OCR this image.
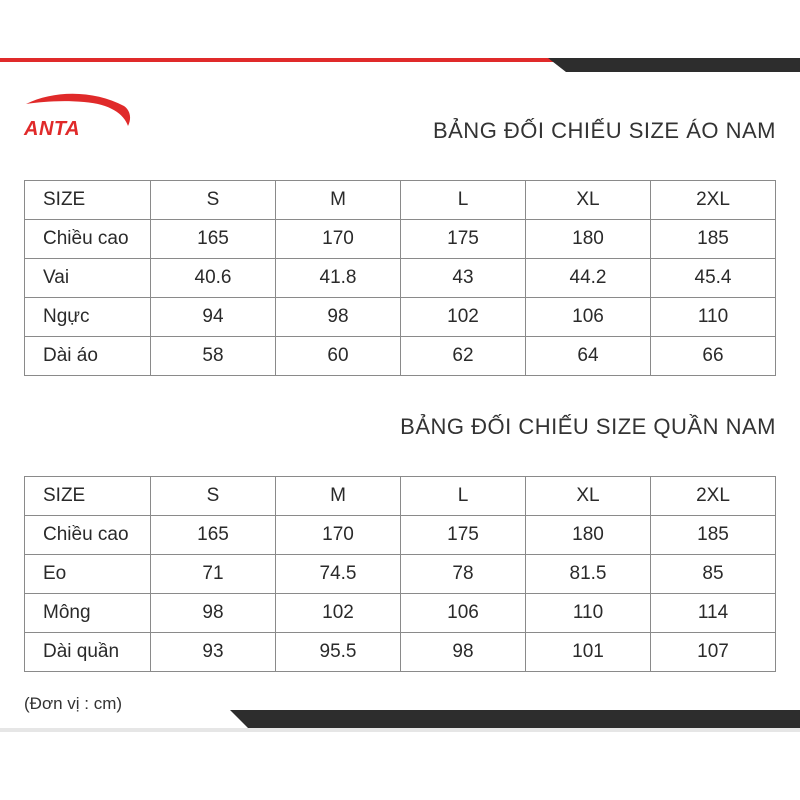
ANTA	BẢNG ĐỐI CHIẾU SIZE ÁO NAM
SIZE	S	M	L	XL	2XL
Chiều cao	165	170	175	180	185
Vai	40.6	41.8	43	44.2	45.4
Ngực	94	98	102	106	110
Dài áo	58	60	62	64	66
BẢNG ĐỐI CHIẾU SIZE QUẦN NAM
SIZE	S	M	L	XL	2XL
Chiều cao	165	170	175	180	185
Eo	71	74.5	78	81.5	85
Mông	98	102	106	110	114
Dài quần	93	95.5	98	101	107
(Đơn vị : cm)
